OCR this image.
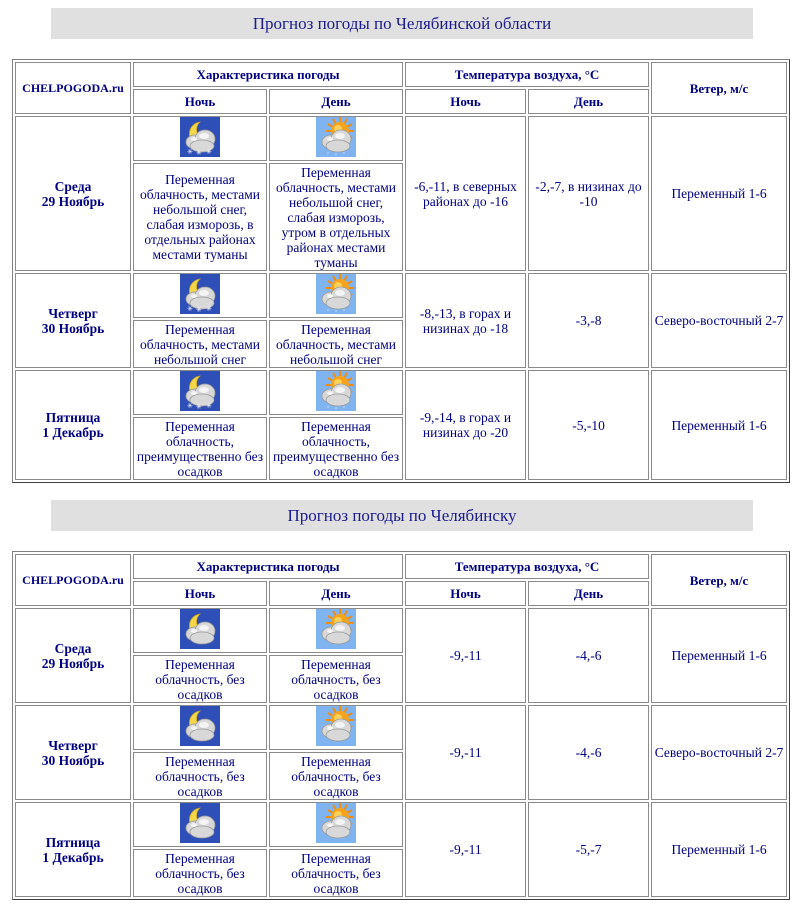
Прогноз погоды по Челябинской области
CHELPOGODA.ru	Характеристика погоды		Температура воздуха, °С		Ветер, м/с
	Ночь	День	Ночь	День	
Среда
29 Ноябрь	✳ ✳ ✳		-6,-11, в северных районах до -16	-2,-7, в низинах до -10	Переменный 1-6
	Переменная облачность, местами небольшой снег, слабая изморозь, в отдельных районах местами туманы	Переменная облачность, местами небольшой снег, слабая изморозь, утром в отдельных районах местами туманы			
Четверг
30 Ноябрь	✳ ✳ ✳		-8,-13, в горах и низинах до -18	-3,-8	Северо-восточный 2-7
	Переменная облачность, местами небольшой снег	Переменная облачность, местами небольшой снег			
Пятница
1 Декабрь	✳ ✳ ✳		-9,-14, в горах и низинах до -20	-5,-10	Переменный 1-6
	Переменная облачность, преимущественно без осадков	Переменная облачность, преимущественно без осадков			
Прогноз погоды по Челябинску
CHELPOGODA.ru	Характеристика погоды		Температура воздуха, °С		Ветер, м/с
	Ночь	День	Ночь	День	
Среда
29 Ноябрь			-9,-11	-4,-6	Переменный 1-6
	Переменная облачность, без осадков	Переменная облачность, без осадков			
Четверг
30 Ноябрь			-9,-11	-4,-6	Северо-восточный 2-7
	Переменная облачность, без осадков	Переменная облачность, без осадков			
Пятница
1 Декабрь			-9,-11	-5,-7	Переменный 1-6
	Переменная облачность, без осадков	Переменная облачность, без осадков			
